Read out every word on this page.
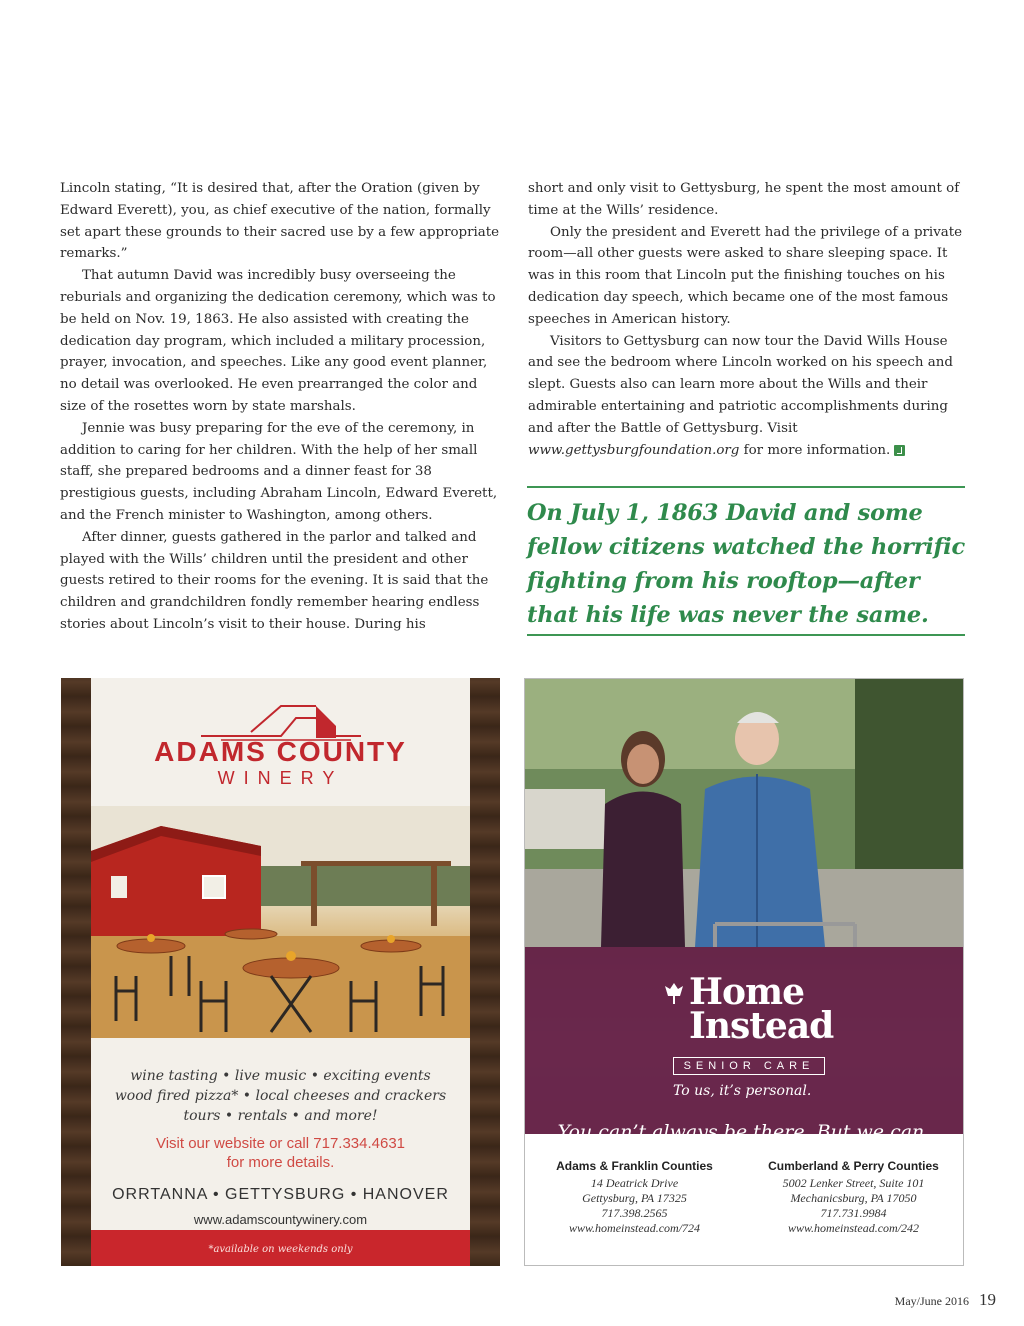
Lincoln stating, “It is desired that, after the Oration (given by Edward Everett), you, as chief executive of the nation, formally set apart these grounds to their sacred use by a few appropriate remarks.”

That autumn David was incredibly busy overseeing the reburials and organizing the dedication ceremony, which was to be held on Nov. 19, 1863. He also assisted with creating the dedication day program, which included a military procession, prayer, invocation, and speeches. Like any good event planner, no detail was overlooked. He even prearranged the color and size of the rosettes worn by state marshals.

Jennie was busy preparing for the eve of the ceremony, in addition to caring for her children. With the help of her small staff, she prepared bedrooms and a dinner feast for 38 prestigious guests, including Abraham Lincoln, Edward Everett, and the French minister to Washington, among others.

After dinner, guests gathered in the parlor and talked and played with the Wills’ children until the president and other guests retired to their rooms for the evening. It is said that the children and grandchildren fondly remember hearing endless stories about Lincoln’s visit to their house. During his

short and only visit to Gettysburg, he spent the most amount of time at the Wills’ residence.

Only the president and Everett had the privilege of a private room—all other guests were asked to share sleeping space. It was in this room that Lincoln put the finishing touches on his dedication day speech, which became one of the most famous speeches in American history.

Visitors to Gettysburg can now tour the David Wills House and see the bedroom where Lincoln worked on his speech and slept. Guests also can learn more about the Wills and their admirable entertaining and patriotic accomplishments during and after the Battle of Gettysburg. Visit www.gettysburgfoundation.org for more information.

On July 1, 1863 David and some fellow citizens watched the horrific fighting from his rooftop—after that his life was never the same.

ADAMS COUNTY
WINERY
wine tasting • live music • exciting events
wood fired pizza* • local cheeses and crackers
tours • rentals • and more!
Visit our website or call 717.334.4631
for more details.
ORRTANNA • GETTYSBURG • HANOVER
www.adamscountywinery.com
*available on weekends only
Home
Instead
SENIOR CARE
To us, it’s personal.
You can’t always be there. But we can.
Adams & Franklin Counties
14 Deatrick Drive
Gettysburg, PA 17325
717.398.2565
www.homeinstead.com/724
Cumberland & Perry Counties
5002 Lenker Street, Suite 101
Mechanicsburg, PA 17050
717.731.9984
www.homeinstead.com/242
May/June 2016 19
